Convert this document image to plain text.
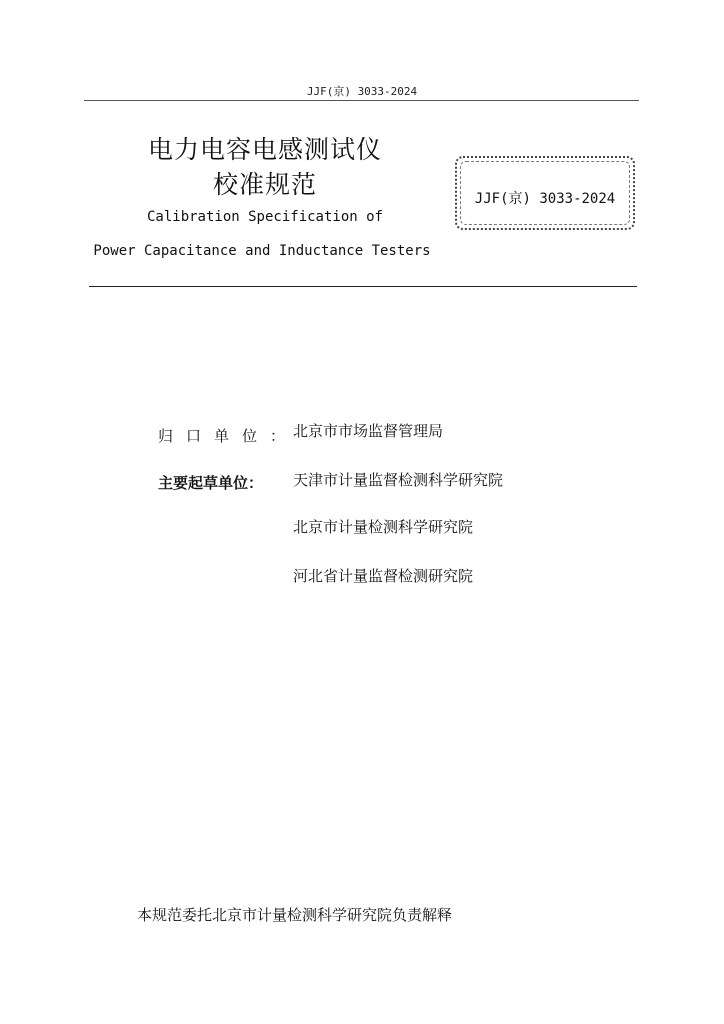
JJF(京) 3033-2024
电力电容电感测试仪
校准规范
Calibration Specification of
Power Capacitance and Inductance Testers
JJF(京) 3033-2024
归口单位：
北京市市场监督管理局
主要起草单位： 天津市计量监督检测科学研究院
北京市计量检测科学研究院
河北省计量监督检测研究院
本规范委托北京市计量检测科学研究院负责解释
